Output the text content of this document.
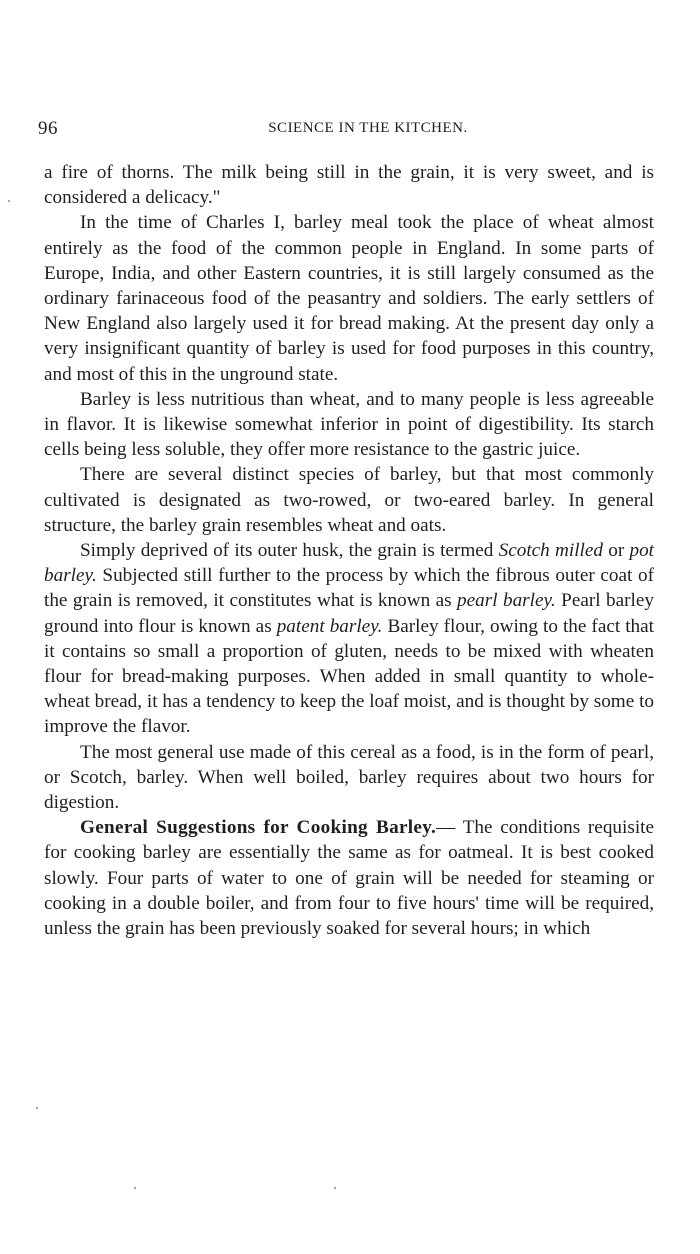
96	SCIENCE IN THE KITCHEN.

a fire of thorns. The milk being still in the grain, it is very sweet, and is considered a delicacy."

In the time of Charles I, barley meal took the place of wheat almost entirely as the food of the common people in England. In some parts of Europe, India, and other Eastern countries, it is still largely consumed as the ordinary farinaceous food of the peasantry and soldiers. The early settlers of New England also largely used it for bread making. At the present day only a very insignificant quantity of barley is used for food purposes in this country, and most of this in the unground state.

Barley is less nutritious than wheat, and to many people is less agreeable in flavor. It is likewise somewhat inferior in point of digestibility. Its starch cells being less soluble, they offer more resistance to the gastric juice.

There are several distinct species of barley, but that most commonly cultivated is designated as two-rowed, or two-eared barley. In general structure, the barley grain resembles wheat and oats.

Simply deprived of its outer husk, the grain is termed Scotch milled or pot barley. Subjected still further to the process by which the fibrous outer coat of the grain is removed, it constitutes what is known as pearl barley. Pearl barley ground into flour is known as patent barley. Barley flour, owing to the fact that it contains so small a proportion of gluten, needs to be mixed with wheaten flour for bread-making purposes. When added in small quantity to whole-wheat bread, it has a tendency to keep the loaf moist, and is thought by some to improve the flavor.

The most general use made of this cereal as a food, is in the form of pearl, or Scotch, barley. When well boiled, barley requires about two hours for digestion.

General Suggestions for Cooking Barley.— The conditions requisite for cooking barley are essentially the same as for oatmeal. It is best cooked slowly. Four parts of water to one of grain will be needed for steaming or cooking in a double boiler, and from four to five hours' time will be required, unless the grain has been previously soaked for several hours; in which
